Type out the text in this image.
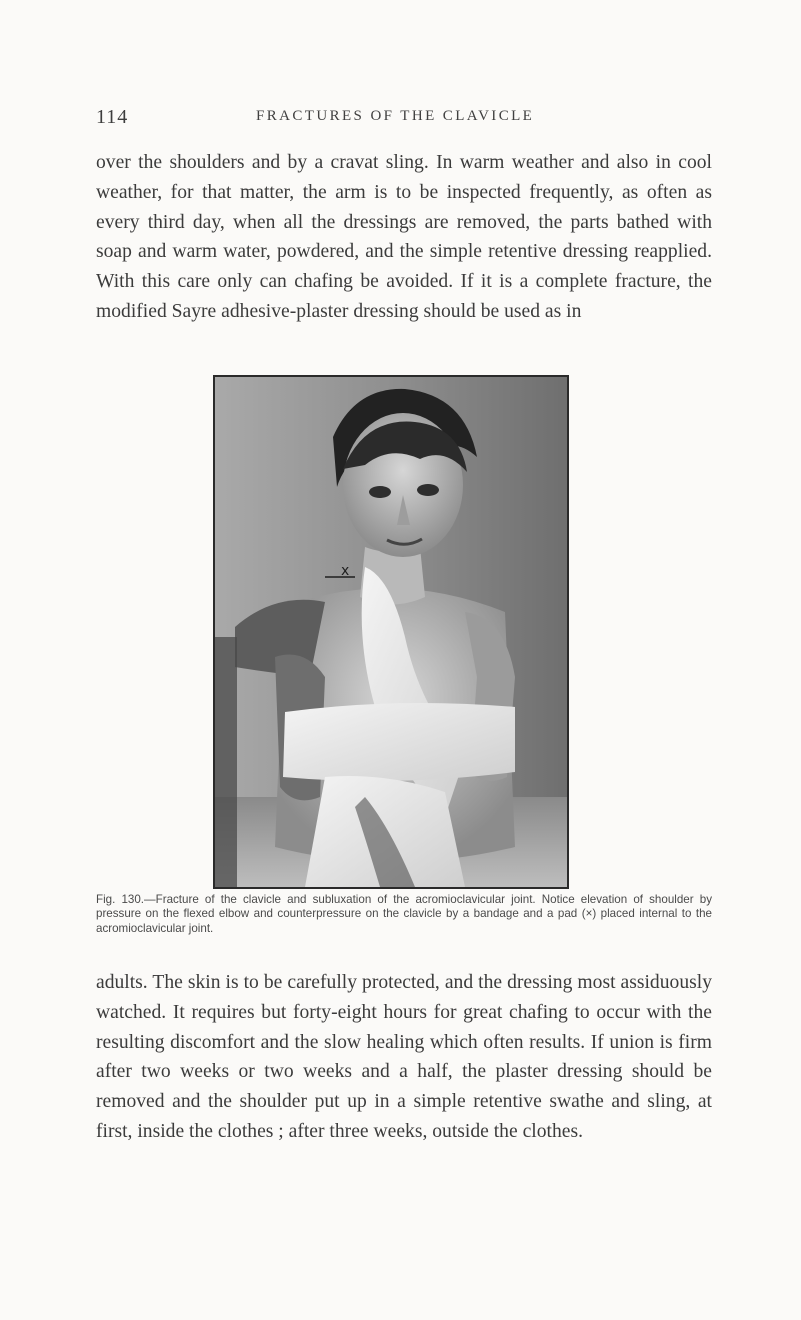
114	FRACTURES OF THE CLAVICLE

over the shoulders and by a cravat sling. In warm weather and also in cool weather, for that matter, the arm is to be inspected frequently, as often as every third day, when all the dressings are removed, the parts bathed with soap and warm water, powdered, and the simple retentive dressing reapplied. With this care only can chafing be avoided. If it is a complete fracture, the modified Sayre adhesive-plaster dressing should be used as in

x

Fig. 130.—Fracture of the clavicle and subluxation of the acromioclavicular joint. Notice elevation of shoulder by pressure on the flexed elbow and counterpressure on the clavicle by a bandage and a pad (×) placed internal to the acromioclavicular joint.

adults. The skin is to be carefully protected, and the dressing most assiduously watched. It requires but forty-eight hours for great chafing to occur with the resulting discomfort and the slow healing which often results. If union is firm after two weeks or two weeks and a half, the plaster dressing should be removed and the shoulder put up in a simple retentive swathe and sling, at first, inside the clothes ; after three weeks, outside the clothes.
